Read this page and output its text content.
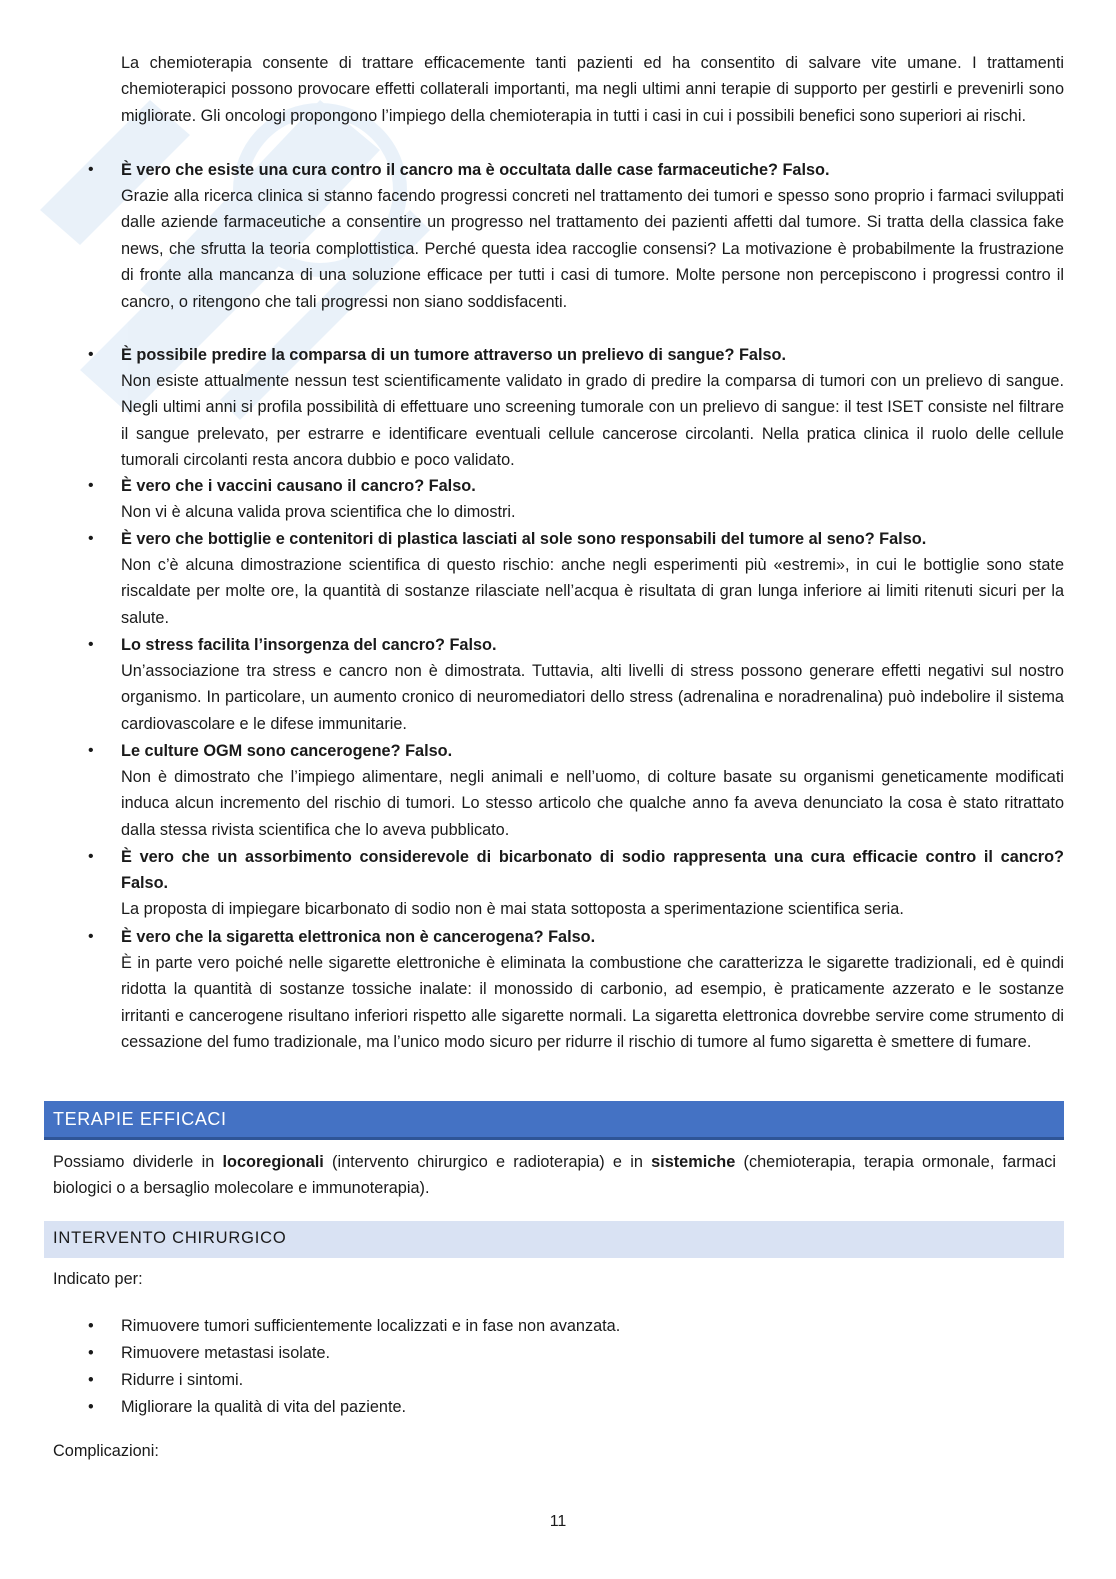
La chemioterapia consente di trattare efficacemente tanti pazienti ed ha consentito di salvare vite umane. I trattamenti chemioterapici possono provocare effetti collaterali importanti, ma negli ultimi anni terapie di supporto per gestirli e prevenirli sono migliorate. Gli oncologi propongono l’impiego della chemioterapia in tutti i casi in cui i possibili benefici sono superiori ai rischi.

• È vero che esiste una cura contro il cancro ma è occultata dalle case farmaceutiche? Falso.

Grazie alla ricerca clinica si stanno facendo progressi concreti nel trattamento dei tumori e spesso sono proprio i farmaci sviluppati dalle aziende farmaceutiche a consentire un progresso nel trattamento dei pazienti affetti dal tumore. Si tratta della classica fake news, che sfrutta la teoria complottistica. Perché questa idea raccoglie consensi? La motivazione è probabilmente la frustrazione di fronte alla mancanza di una soluzione efficace per tutti i casi di tumore. Molte persone non percepiscono i progressi contro il cancro, o ritengono che tali progressi non siano soddisfacenti.

• È possibile predire la comparsa di un tumore attraverso un prelievo di sangue? Falso.

Non esiste attualmente nessun test scientificamente validato in grado di predire la comparsa di tumori con un prelievo di sangue. Negli ultimi anni si profila possibilità di effettuare uno screening tumorale con un prelievo di sangue: il test ISET consiste nel filtrare il sangue prelevato, per estrarre e identificare eventuali cellule cancerose circolanti. Nella pratica clinica il ruolo delle cellule tumorali circolanti resta ancora dubbio e poco validato.

• È vero che i vaccini causano il cancro? Falso.

Non vi è alcuna valida prova scientifica che lo dimostri.

• È vero che bottiglie e contenitori di plastica lasciati al sole sono responsabili del tumore al seno? Falso.

Non c’è alcuna dimostrazione scientifica di questo rischio: anche negli esperimenti più «estremi», in cui le bottiglie sono state riscaldate per molte ore, la quantità di sostanze rilasciate nell’acqua è risultata di gran lunga inferiore ai limiti ritenuti sicuri per la salute.

• Lo stress facilita l’insorgenza del cancro? Falso.

Un’associazione tra stress e cancro non è dimostrata. Tuttavia, alti livelli di stress possono generare effetti negativi sul nostro organismo. In particolare, un aumento cronico di neuromediatori dello stress (adrenalina e noradrenalina) può indebolire il sistema cardiovascolare e le difese immunitarie.

• Le culture OGM sono cancerogene? Falso.

Non è dimostrato che l’impiego alimentare, negli animali e nell’uomo, di colture basate su organismi geneticamente modificati induca alcun incremento del rischio di tumori. Lo stesso articolo che qualche anno fa aveva denunciato la cosa è stato ritrattato dalla stessa rivista scientifica che lo aveva pubblicato.

• È vero che un assorbimento considerevole di bicarbonato di sodio rappresenta una cura efficacie contro il cancro? Falso.

La proposta di impiegare bicarbonato di sodio non è mai stata sottoposta a sperimentazione scientifica seria.

• È vero che la sigaretta elettronica non è cancerogena? Falso.

È in parte vero poiché nelle sigarette elettroniche è eliminata la combustione che caratterizza le sigarette tradizionali, ed è quindi ridotta la quantità di sostanze tossiche inalate: il monossido di carbonio, ad esempio, è praticamente azzerato e le sostanze irritanti e cancerogene risultano inferiori rispetto alle sigarette normali. La sigaretta elettronica dovrebbe servire come strumento di cessazione del fumo tradizionale, ma l’unico modo sicuro per ridurre il rischio di tumore al fumo sigaretta è smettere di fumare.

TERAPIE EFFICACI

Possiamo dividerle in locoregionali (intervento chirurgico e radioterapia) e in sistemiche (chemioterapia, terapia ormonale, farmaci biologici o a bersaglio molecolare e immunoterapia).

INTERVENTO CHIRURGICO

Indicato per:

• Rimuovere tumori sufficientemente localizzati e in fase non avanzata.
• Rimuovere metastasi isolate.
• Ridurre i sintomi.
• Migliorare la qualità di vita del paziente.

Complicazioni:

11
